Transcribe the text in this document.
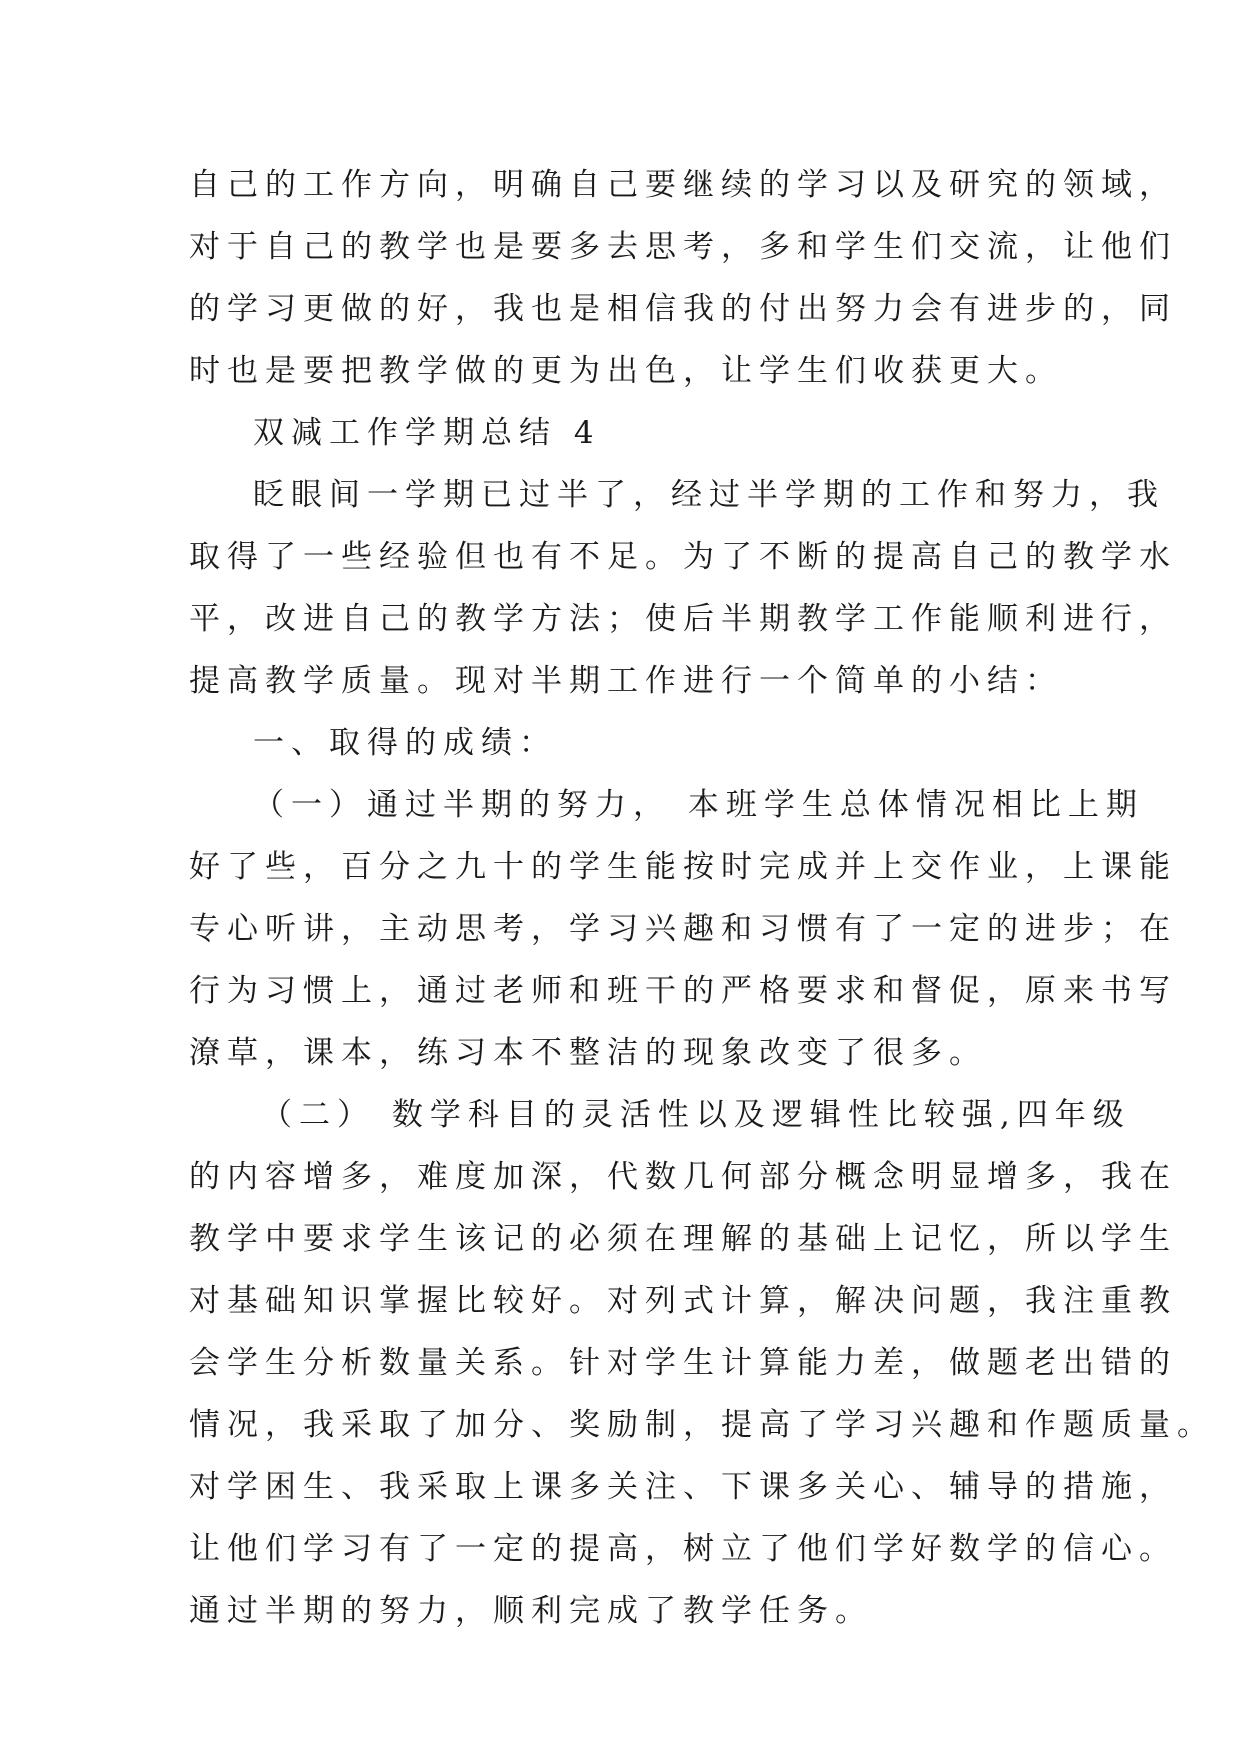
自己的工作方向，明确自己要继续的学习以及研究的领域，
对于自己的教学也是要多去思考，多和学生们交流，让他们
的学习更做的好，我也是相信我的付出努力会有进步的，同
时也是要把教学做的更为出色，让学生们收获更大。
双减工作学期总结 4
眨眼间一学期已过半了，经过半学期的工作和努力，我
取得了一些经验但也有不足。为了不断的提高自己的教学水
平，改进自己的教学方法；使后半期教学工作能顺利进行，
提高教学质量。现对半期工作进行一个简单的小结：
一、取得的成绩：
（一）通过半期的努力， 本班学生总体情况相比上期
好了些，百分之九十的学生能按时完成并上交作业，上课能
专心听讲，主动思考，学习兴趣和习惯有了一定的进步；在
行为习惯上，通过老师和班干的严格要求和督促，原来书写
潦草，课本，练习本不整洁的现象改变了很多。
（二） 数学科目的灵活性以及逻辑性比较强,四年级
的内容增多，难度加深，代数几何部分概念明显增多，我在
教学中要求学生该记的必须在理解的基础上记忆，所以学生
对基础知识掌握比较好。对列式计算，解决问题，我注重教
会学生分析数量关系。针对学生计算能力差，做题老出错的
情况，我采取了加分、奖励制，提高了学习兴趣和作题质量。
对学困生、我采取上课多关注、下课多关心、辅导的措施，
让他们学习有了一定的提高，树立了他们学好数学的信心。
通过半期的努力，顺利完成了教学任务。
